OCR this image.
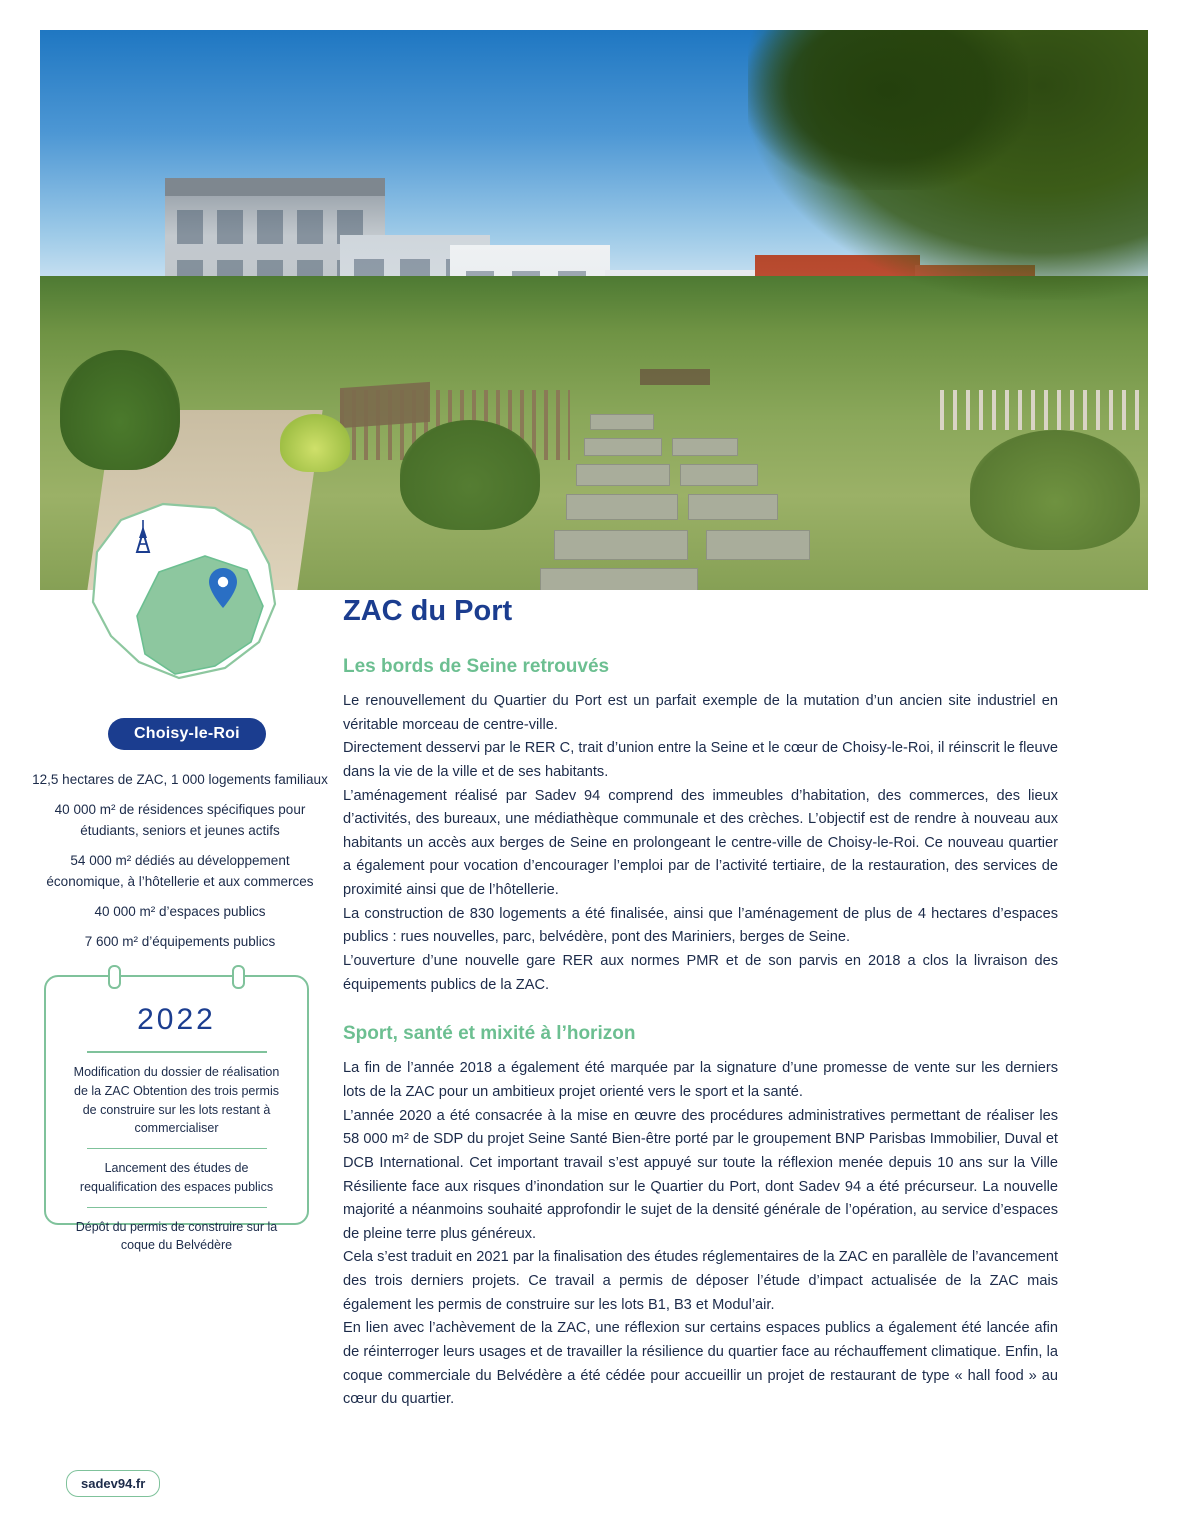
Choisy-le-Roi
12,5 hectares de ZAC, 1 000 logements familiaux
40 000 m² de résidences spécifiques pour étudiants, seniors et jeunes actifs
54 000 m² dédiés au développement économique, à l’hôtellerie et aux commerces
40 000 m² d’espaces publics
7 600 m² d’équipements publics
2022
Modification du dossier de réalisation de la ZAC Obtention des trois permis de construire sur les lots restant à commercialiser
Lancement des études de requalification des espaces publics
Dépôt du permis de construire sur la coque du Belvédère
sadev94.fr
ZAC du Port
Les bords de Seine retrouvés

Le renouvellement du Quartier du Port est un parfait exemple de la mutation d’un ancien site industriel en véritable morceau de centre-ville.

Directement desservi par le RER C, trait d’union entre la Seine et le cœur de Choisy-le-Roi, il réinscrit le fleuve dans la vie de la ville et de ses habitants.

L’aménagement réalisé par Sadev 94 comprend des immeubles d’habitation, des commerces, des lieux d’activités, des bureaux, une médiathèque communale et des crèches. L’objectif est de rendre à nouveau aux habitants un accès aux berges de Seine en prolongeant le centre-ville de Choisy-le-Roi. Ce nouveau quartier a également pour vocation d’encourager l’emploi par de l’activité tertiaire, de la restauration, des services de proximité ainsi que de l’hôtellerie.

La construction de 830 logements a été finalisée, ainsi que l’aménagement de plus de 4 hectares d’espaces publics : rues nouvelles, parc, belvédère, pont des Mariniers, berges de Seine.

L’ouverture d’une nouvelle gare RER aux normes PMR et de son parvis en 2018 a clos la livraison des équipements publics de la ZAC.

Sport, santé et mixité à l’horizon

La fin de l’année 2018 a également été marquée par la signature d’une promesse de vente sur les derniers lots de la ZAC pour un ambitieux projet orienté vers le sport et la santé.

L’année 2020 a été consacrée à la mise en œuvre des procédures administratives permettant de réaliser les 58 000 m² de SDP du projet Seine Santé Bien-être porté par le groupement BNP Parisbas Immobilier, Duval et DCB International. Cet important travail s’est appuyé sur toute la réflexion menée depuis 10 ans sur la Ville Résiliente face aux risques d’inondation sur le Quartier du Port, dont Sadev 94 a été précurseur. La nouvelle majorité a néanmoins souhaité approfondir le sujet de la densité générale de l’opération, au service d’espaces de pleine terre plus généreux.

Cela s’est traduit en 2021 par la finalisation des études réglementaires de la ZAC en parallèle de l’avancement des trois derniers projets. Ce travail a permis de déposer l’étude d’impact actualisée de la ZAC mais également les permis de construire sur les lots B1, B3 et Modul’air.

En lien avec l’achèvement de la ZAC, une réflexion sur certains espaces publics a également été lancée afin de réinterroger leurs usages et de travailler la résilience du quartier face au réchauffement climatique. Enfin, la coque commerciale du Belvédère a été cédée pour accueillir un projet de restaurant de type « hall food » au cœur du quartier.
